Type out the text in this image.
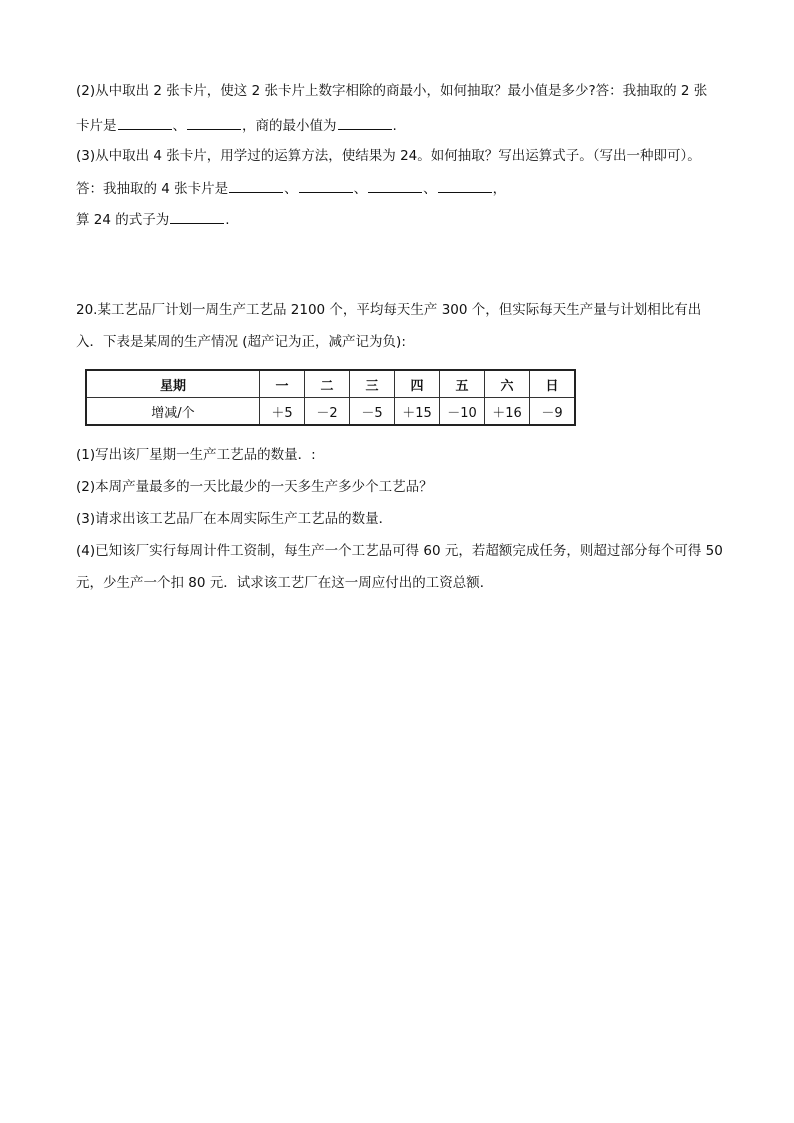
(2)从中取出 2 张卡片，使这 2 张卡片上数字相除的商最小，如何抽取？最小值是多少?答：我抽取的 2 张
卡片是	、	，商的最小值为	.
(3)从中取出 4 张卡片，用学过的运算方法，使结果为 24。如何抽取？写出运算式子。（写出一种即可）。
答：我抽取的 4 张卡片是	、	、	、	，
算 24 的式子为	.
20.某工艺品厂计划一周生产工艺品 2100 个，平均每天生产 300 个，但实际每天生产量与计划相比有出
入．下表是某周的生产情况 (超产记为正，减产记为负):
星期	一	二	三	四	五	六	日
增减/个	＋5	－2	－5	＋15	－10	＋16	－9
(1)写出该厂星期一生产工艺品的数量．:
(2)本周产量最多的一天比最少的一天多生产多少个工艺品？
(3)请求出该工艺品厂在本周实际生产工艺品的数量．
(4)已知该厂实行每周计件工资制，每生产一个工艺品可得 60 元，若超额完成任务，则超过部分每个可得 50
元，少生产一个扣 80 元．试求该工艺厂在这一周应付出的工资总额．
